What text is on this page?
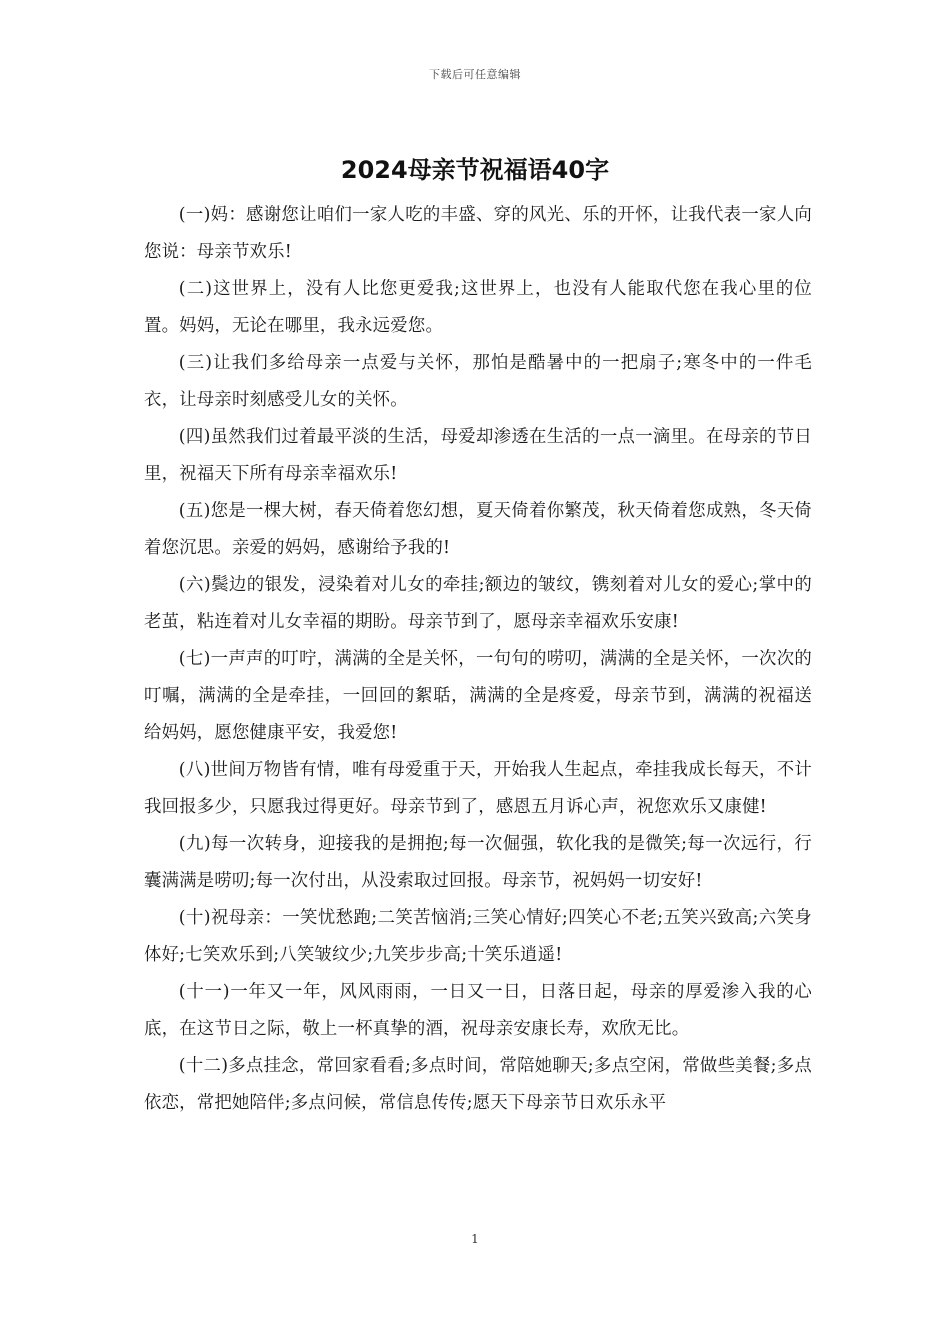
下载后可任意编辑
2024母亲节祝福语40字

(一)妈：感谢您让咱们一家人吃的丰盛、穿的风光、乐的开怀，让我代表一家人向您说：母亲节欢乐!

(二)这世界上，没有人比您更爱我;这世界上，也没有人能取代您在我心里的位置。妈妈，无论在哪里，我永远爱您。

(三)让我们多给母亲一点爱与关怀，那怕是酷暑中的一把扇子;寒冬中的一件毛衣，让母亲时刻感受儿女的关怀。

(四)虽然我们过着最平淡的生活，母爱却渗透在生活的一点一滴里。在母亲的节日里，祝福天下所有母亲幸福欢乐!

(五)您是一棵大树，春天倚着您幻想，夏天倚着你繁茂，秋天倚着您成熟，冬天倚着您沉思。亲爱的妈妈，感谢给予我的!

(六)鬓边的银发，浸染着对儿女的牵挂;额边的皱纹，镌刻着对儿女的爱心;掌中的老茧，粘连着对儿女幸福的期盼。母亲节到了，愿母亲幸福欢乐安康!

(七)一声声的叮咛，满满的全是关怀，一句句的唠叨，满满的全是关怀，一次次的叮嘱，满满的全是牵挂，一回回的絮聒，满满的全是疼爱，母亲节到，满满的祝福送给妈妈，愿您健康平安，我爱您!

(八)世间万物皆有情，唯有母爱重于天，开始我人生起点，牵挂我成长每天，不计我回报多少，只愿我过得更好。母亲节到了，感恩五月诉心声，祝您欢乐又康健!

(九)每一次转身，迎接我的是拥抱;每一次倔强，软化我的是微笑;每一次远行，行囊满满是唠叨;每一次付出，从没索取过回报。母亲节，祝妈妈一切安好!

(十)祝母亲：一笑忧愁跑;二笑苦恼消;三笑心情好;四笑心不老;五笑兴致高;六笑身体好;七笑欢乐到;八笑皱纹少;九笑步步高;十笑乐逍遥!

(十一)一年又一年，风风雨雨，一日又一日，日落日起，母亲的厚爱渗入我的心底，在这节日之际，敬上一杯真挚的酒，祝母亲安康长寿，欢欣无比。

(十二)多点挂念，常回家看看;多点时间，常陪她聊天;多点空闲，常做些美餐;多点依恋，常把她陪伴;多点问候，常信息传传;愿天下母亲节日欢乐永平

1
